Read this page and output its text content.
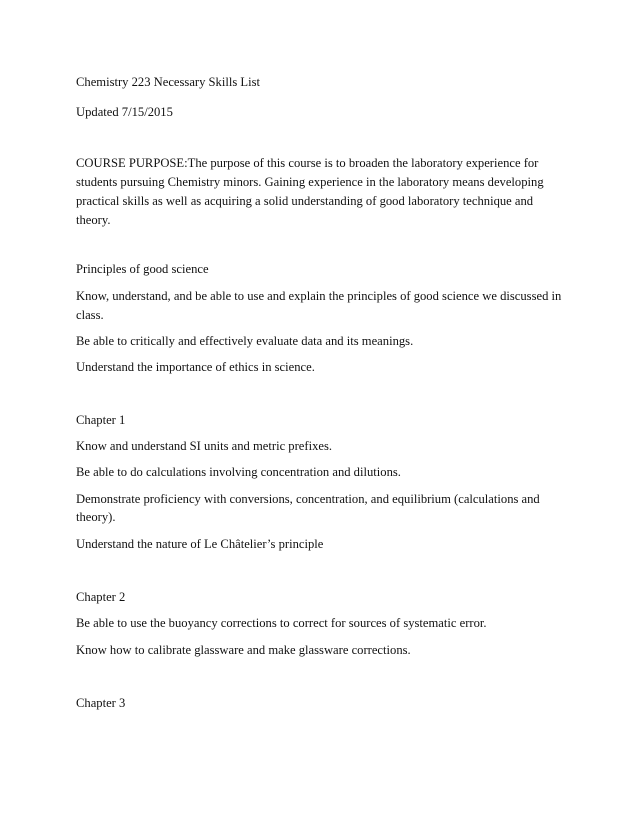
Chemistry 223 Necessary Skills List
Updated 7/15/2015
COURSE PURPOSE:The purpose of this course is to broaden the laboratory experience for
students pursuing Chemistry minors. Gaining experience in the laboratory means developing
practical skills as well as acquiring a solid understanding of good laboratory technique and
theory.
Principles of good science
Know, understand, and be able to use and explain the principles of good science we discussed in
class.
Be able to critically and effectively evaluate data and its meanings.
Understand the importance of ethics in science.
Chapter 1
Know and understand SI units and metric prefixes.
Be able to do calculations involving concentration and dilutions.
Demonstrate proficiency with conversions, concentration, and equilibrium (calculations and
theory).
Understand the nature of Le Châtelier’s principle
Chapter 2
Be able to use the buoyancy corrections to correct for sources of systematic error.
Know how to calibrate glassware and make glassware corrections.
Chapter 3
